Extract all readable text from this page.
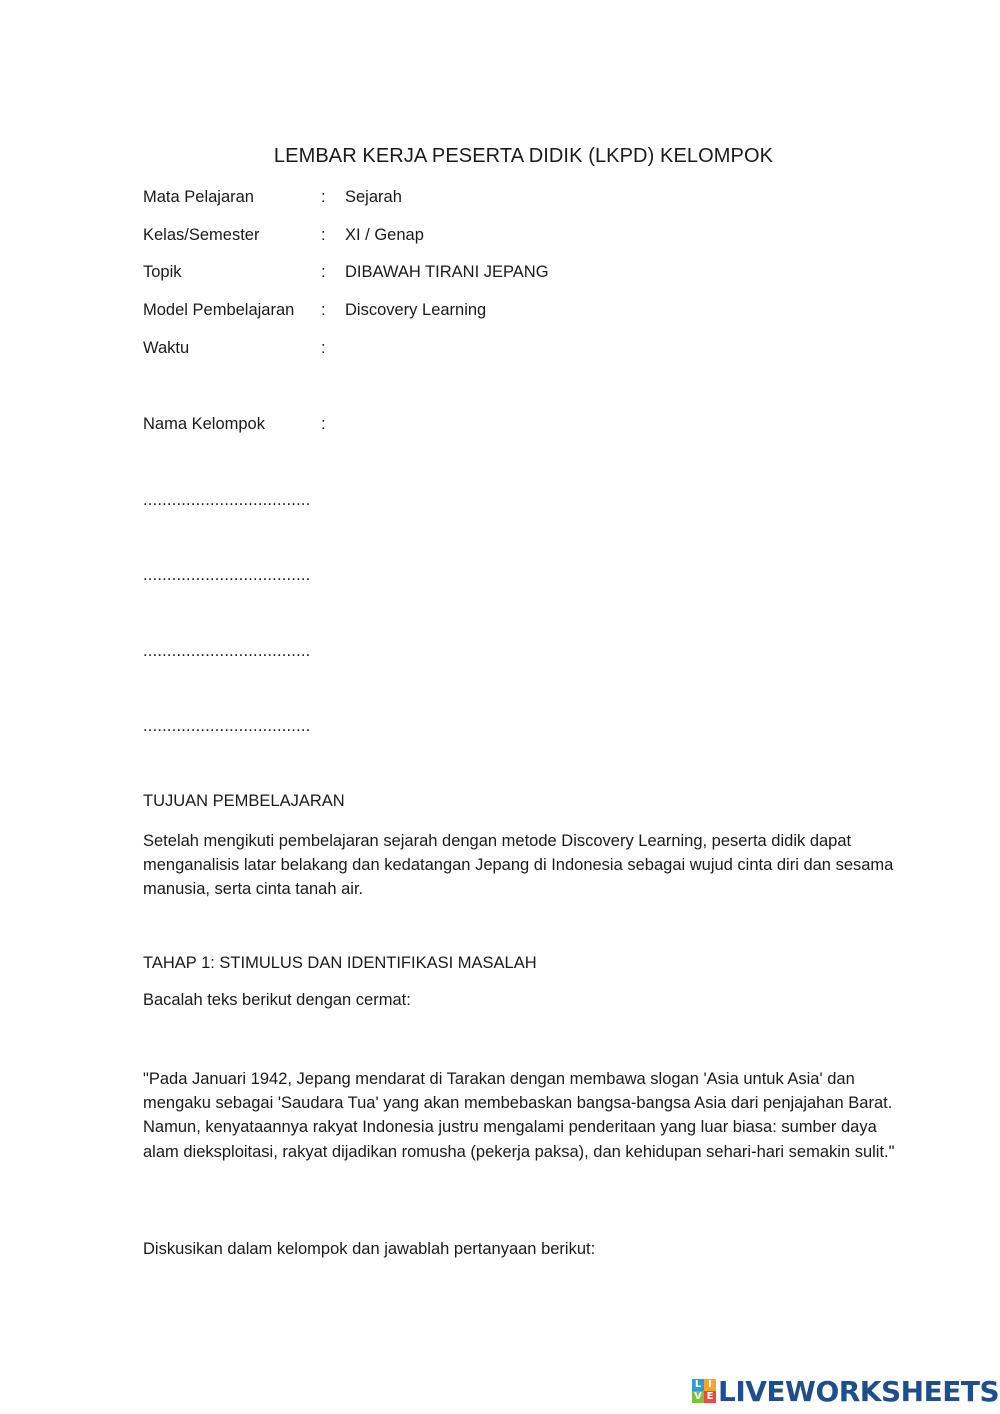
LEMBAR KERJA PESERTA DIDIK (LKPD) KELOMPOK
Mata Pelajaran	: Sejarah
Kelas/Semester	: XI / Genap
Topik	: DIBAWAH TIRANI JEPANG
Model Pembelajaran : Discovery Learning
Waktu	:
Nama Kelompok	:
...................................
...................................
...................................
...................................
TUJUAN PEMBELAJARAN
Setelah mengikuti pembelajaran sejarah dengan metode Discovery Learning, peserta didik dapat menganalisis latar belakang dan kedatangan Jepang di Indonesia sebagai wujud cinta diri dan sesama manusia, serta cinta tanah air.
TAHAP 1: STIMULUS DAN IDENTIFIKASI MASALAH
Bacalah teks berikut dengan cermat:
"Pada Januari 1942, Jepang mendarat di Tarakan dengan membawa slogan 'Asia untuk Asia' dan mengaku sebagai 'Saudara Tua' yang akan membebaskan bangsa-bangsa Asia dari penjajahan Barat. Namun, kenyataannya rakyat Indonesia justru mengalami penderitaan yang luar biasa: sumber daya alam dieksploitasi, rakyat dijadikan romusha (pekerja paksa), dan kehidupan sehari-hari semakin sulit."
Diskusikan dalam kelompok dan jawablah pertanyaan berikut:
L I
V E LIVEWORKSHEETS
